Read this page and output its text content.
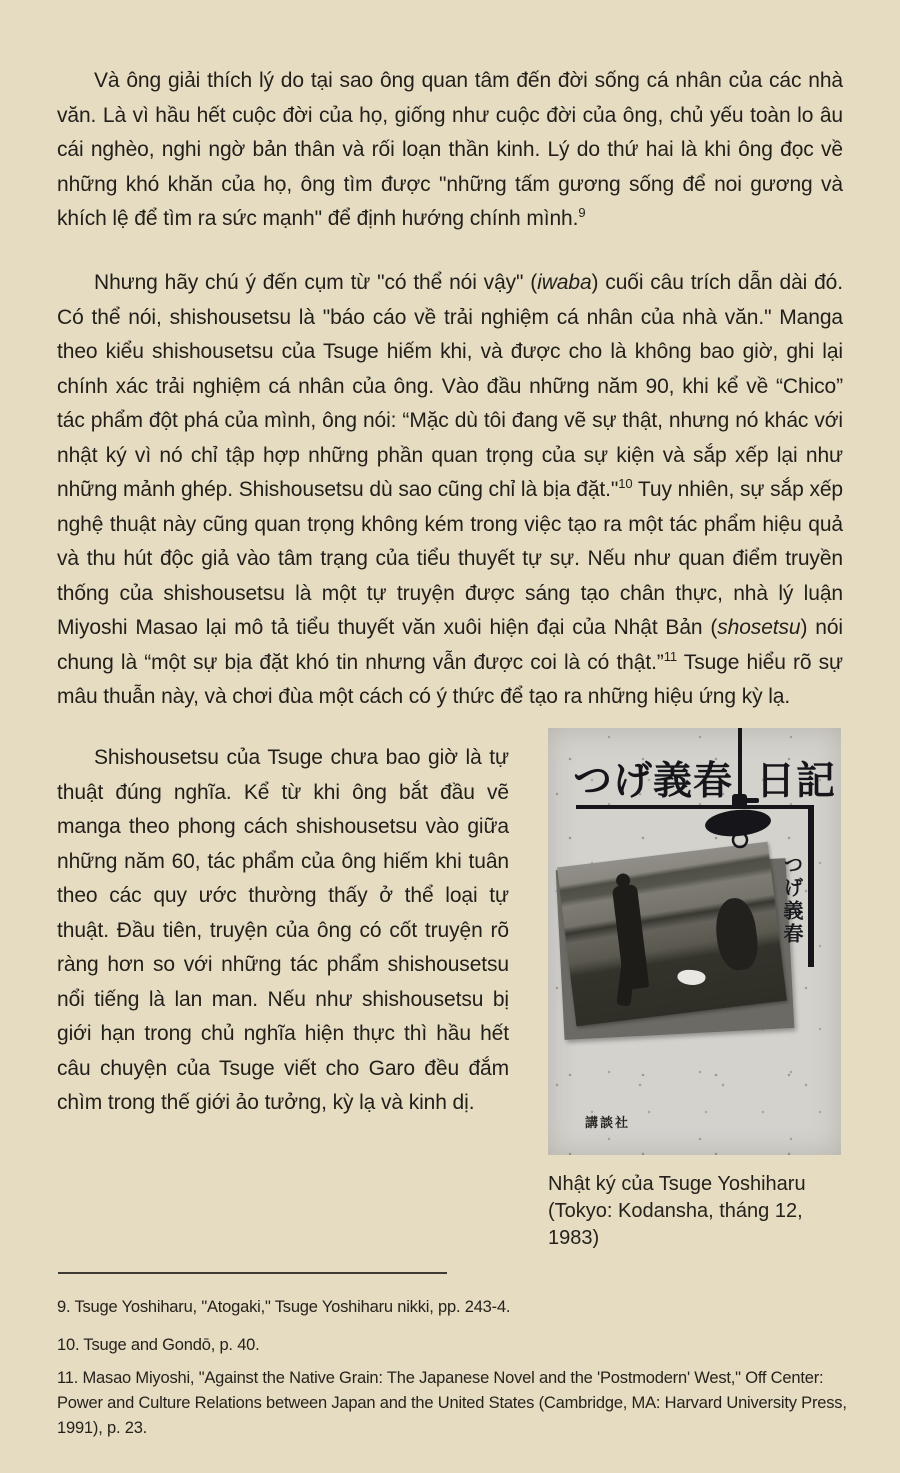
Và ông giải thích lý do tại sao ông quan tâm đến đời sống cá nhân của các nhà văn. Là vì hầu hết cuộc đời của họ, giống như cuộc đời của ông, chủ yếu toàn lo âu cái nghèo, nghi ngờ bản thân và rối loạn thần kinh. Lý do thứ hai là khi ông đọc về những khó khăn của họ, ông tìm được "những tấm gương sống để noi gương và khích lệ để tìm ra sức mạnh" để định hướng chính mình.$^9$

Nhưng hãy chú ý đến cụm từ "có thể nói vậy" (iwaba) cuối câu trích dẫn dài đó. Có thể nói, shishousetsu là "báo cáo về trải nghiệm cá nhân của nhà văn." Manga theo kiểu shishousetsu của Tsuge hiếm khi, và được cho là không bao giờ, ghi lại chính xác trải nghiệm cá nhân của ông. Vào đầu những năm 90, khi kể về “Chico” tác phẩm đột phá của mình, ông nói: “Mặc dù tôi đang vẽ sự thật, nhưng nó khác với nhật ký vì nó chỉ tập hợp những phần quan trọng của sự kiện và sắp xếp lại như những mảnh ghép. Shishousetsu dù sao cũng chỉ là bịa đặt."$^{10}$ Tuy nhiên, sự sắp xếp nghệ thuật này cũng quan trọng không kém trong việc tạo ra một tác phẩm hiệu quả và thu hút độc giả vào tâm trạng của tiểu thuyết tự sự. Nếu như quan điểm truyền thống của shishousetsu là một tự truyện được sáng tạo chân thực, nhà lý luận Miyoshi Masao lại mô tả tiểu thuyết văn xuôi hiện đại của Nhật Bản (shosetsu) nói chung là “một sự bịa đặt khó tin nhưng vẫn được coi là có thật.”$^{11}$ Tsuge hiểu rõ sự mâu thuẫn này, và chơi đùa một cách có ý thức để tạo ra những hiệu ứng kỳ lạ.

Shishousetsu của Tsuge chưa bao giờ là tự thuật đúng nghĩa. Kể từ khi ông bắt đầu vẽ manga theo phong cách shishousetsu vào giữa những năm 60, tác phẩm của ông hiếm khi tuân theo các quy ước thường thấy ở thể loại tự thuật. Đầu tiên, truyện của ông có cốt truyện rõ ràng hơn so với những tác phẩm shishousetsu nổi tiếng là lan man. Nếu như shishousetsu bị giới hạn trong chủ nghĩa hiện thực thì hầu hết câu chuyện của Tsuge viết cho Garo đều đắm chìm trong thế giới ảo tưởng, kỳ lạ và kinh dị.

つげ義春 日記
つげ義春
講談社
Nhật ký của Tsuge Yoshiharu
(Tokyo: Kodansha, tháng 12, 1983)

9. Tsuge Yoshiharu, "Atogaki," Tsuge Yoshiharu nikki, pp. 243-4.

10. Tsuge and Gondō, p. 40.

11. Masao Miyoshi, "Against the Native Grain: The Japanese Novel and the 'Postmodern' West," Off Center: Power and Culture Relations between Japan and the United States (Cambridge, MA: Harvard University Press, 1991), p. 23.
